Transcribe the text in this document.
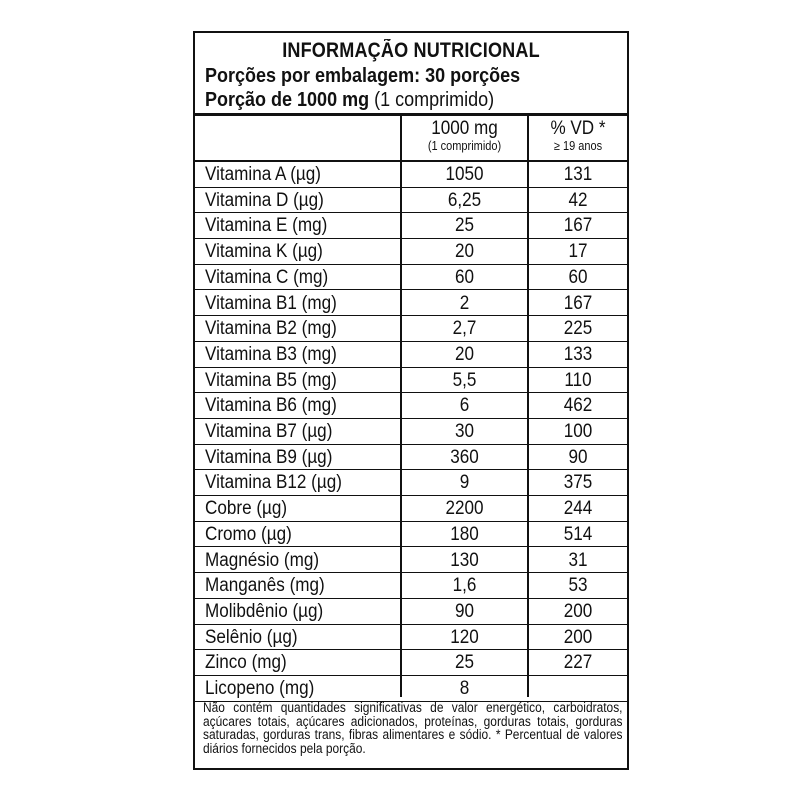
INFORMAÇÃO NUTRICIONAL
Porções por embalagem: 30 porções
Porção de 1000 mg (1 comprimido)
1000 mg
(1 comprimido)
% VD *
≥ 19 anos
Vitamina A (µg)	1050	131
Vitamina D (µg)	6,25	42
Vitamina E (mg)	25	167
Vitamina K (µg)	20	17
Vitamina C (mg)	60	60
Vitamina B1 (mg)	2	167
Vitamina B2 (mg)	2,7	225
Vitamina B3 (mg)	20	133
Vitamina B5 (mg)	5,5	110
Vitamina B6 (mg)	6	462
Vitamina B7 (µg)	30	100
Vitamina B9 (µg)	360	90
Vitamina B12 (µg)	9	375
Cobre (µg)	2200	244
Cromo (µg)	180	514
Magnésio (mg)	130	31
Manganês (mg)	1,6	53
Molibdênio (µg)	90	200
Selênio (µg)	120	200
Zinco (mg)	25	227
Licopeno (mg)	8
Não contém quantidades significativas de valor energético, carboidratos, açúcares totais, açúcares adicionados, proteínas, gorduras totais, gorduras saturadas, gorduras trans, fibras alimentares e sódio. * Percentual de valores diários fornecidos pela porção.
